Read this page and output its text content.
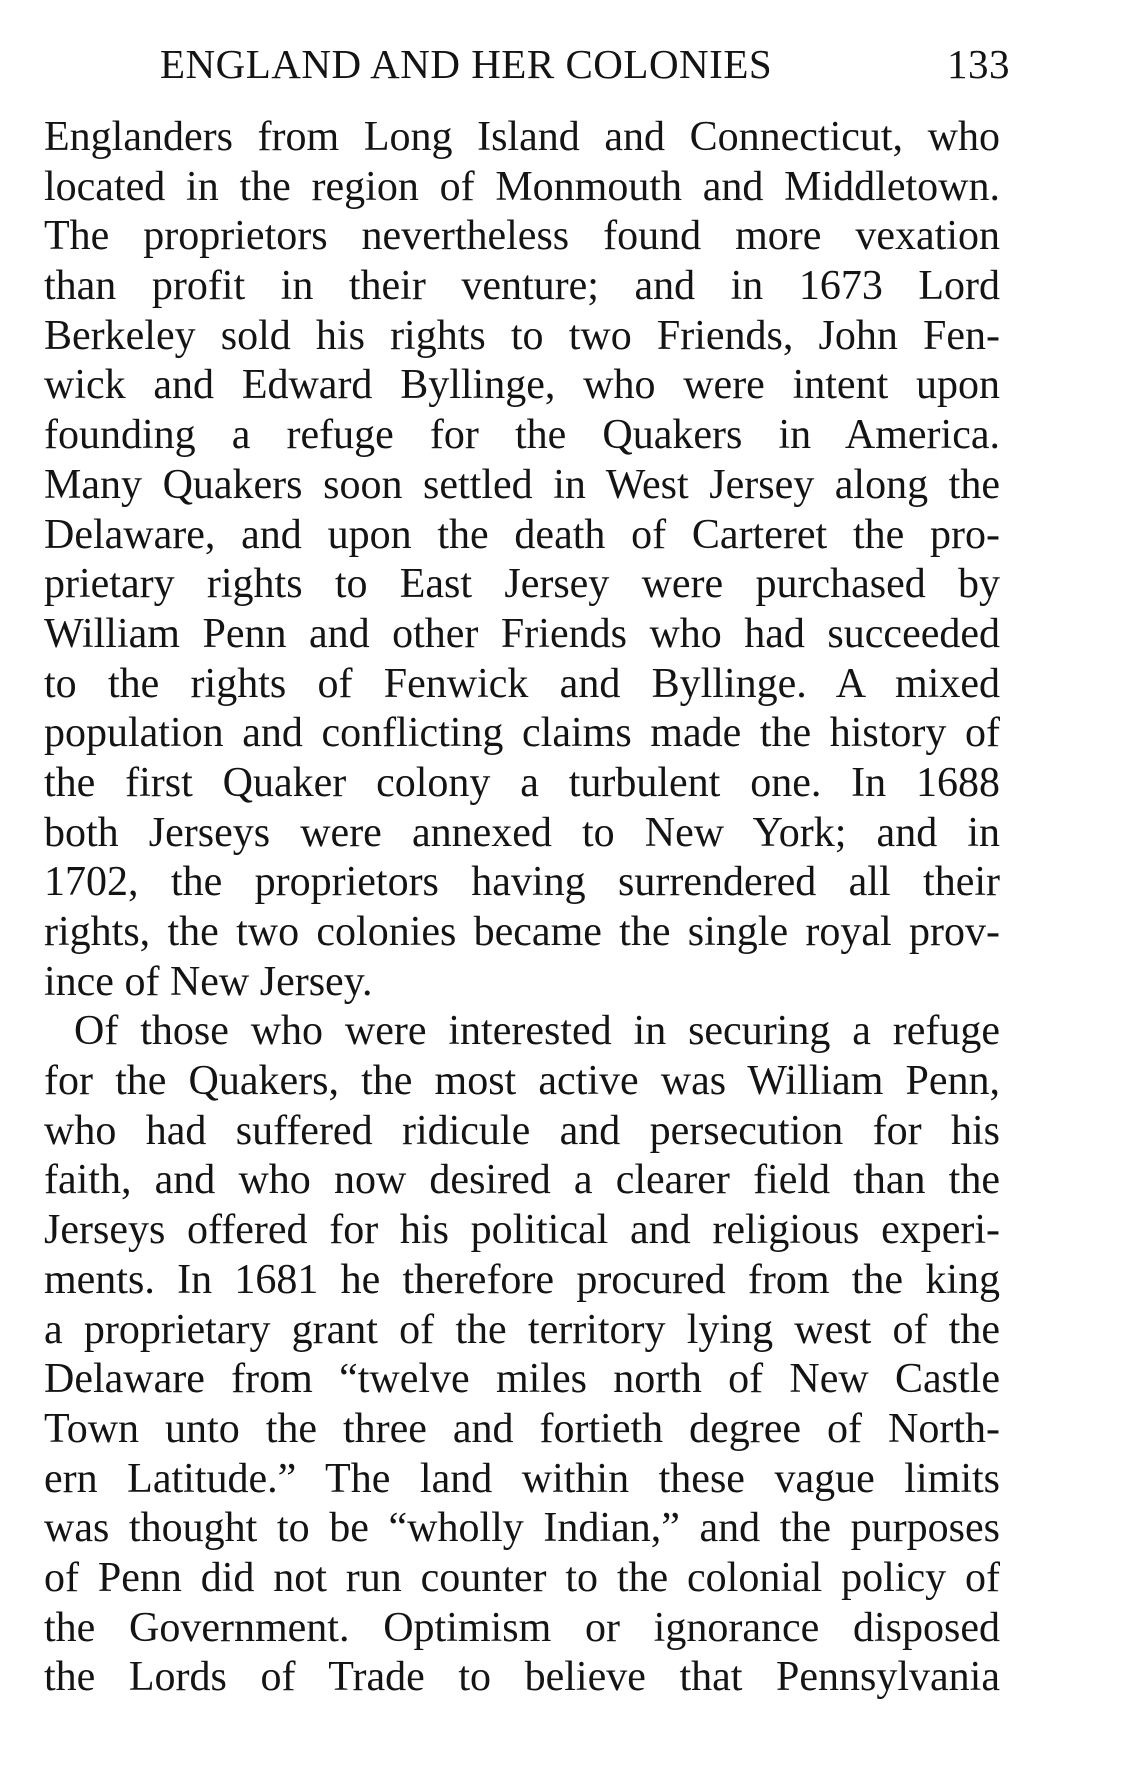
ENGLAND AND HER COLONIES	133
Englanders from Long Island and Connecticut, who
located in the region of Monmouth and Middletown.
The proprietors nevertheless found more vexation
than profit in their venture; and in 1673 Lord
Berkeley sold his rights to two Friends, John Fen-
wick and Edward Byllinge, who were intent upon
founding a refuge for the Quakers in America.
Many Quakers soon settled in West Jersey along the
Delaware, and upon the death of Carteret the pro-
prietary rights to East Jersey were purchased by
William Penn and other Friends who had succeeded
to the rights of Fenwick and Byllinge. A mixed
population and conflicting claims made the history of
the first Quaker colony a turbulent one. In 1688
both Jerseys were annexed to New York; and in
1702, the proprietors having surrendered all their
rights, the two colonies became the single royal prov-
ince of New Jersey.
Of those who were interested in securing a refuge
for the Quakers, the most active was William Penn,
who had suffered ridicule and persecution for his
faith, and who now desired a clearer field than the
Jerseys offered for his political and religious experi-
ments. In 1681 he therefore procured from the king
a proprietary grant of the territory lying west of the
Delaware from “twelve miles north of New Castle
Town unto the three and fortieth degree of North-
ern Latitude.” The land within these vague limits
was thought to be “wholly Indian,” and the purposes
of Penn did not run counter to the colonial policy of
the Government. Optimism or ignorance disposed
the Lords of Trade to believe that Pennsylvania
